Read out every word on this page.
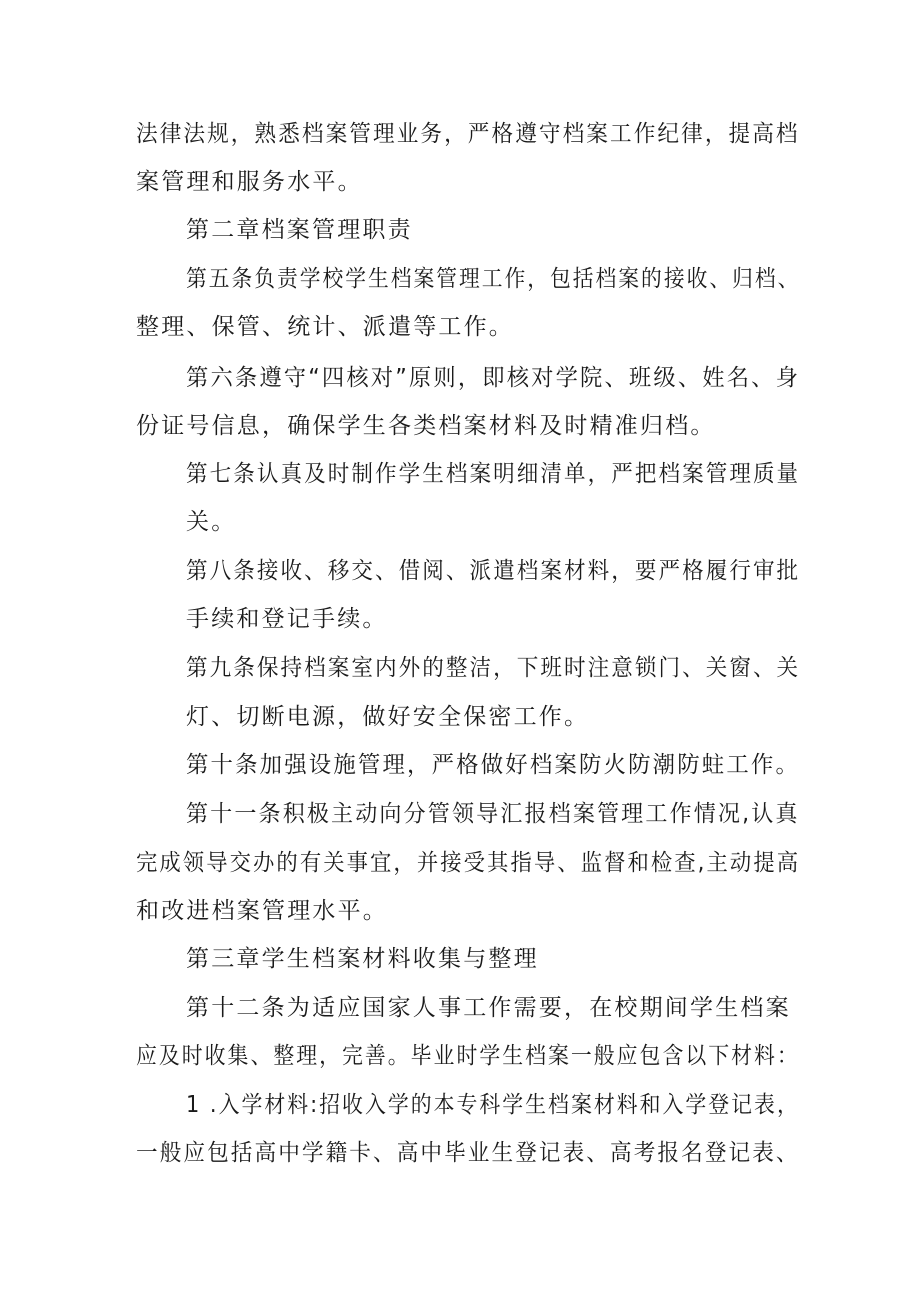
法律法规，熟悉档案管理业务，严格遵守档案工作纪律，提高档
案管理和服务水平。
第二章档案管理职责
第五条负责学校学生档案管理工作，包括档案的接收、归档、
整理、保管、统计、派遣等工作。
第六条遵守“四核对”原则，即核对学院、班级、姓名、身
份证号信息，确保学生各类档案材料及时精准归档。
第七条认真及时制作学生档案明细清单，严把档案管理质量
关。
第八条接收、移交、借阅、派遣档案材料，要严格履行审批
手续和登记手续。
第九条保持档案室内外的整洁，下班时注意锁门、关窗、关
灯、切断电源，做好安全保密工作。
第十条加强设施管理，严格做好档案防火防潮防蛀工作。
第十一条积极主动向分管领导汇报档案管理工作情况,认真
完成领导交办的有关事宜，并接受其指导、监督和检查,主动提高
和改进档案管理水平。
第三章学生档案材料收集与整理
第十二条为适应国家人事工作需要，在校期间学生档案
应及时收集、整理，完善。毕业时学生档案一般应包含以下材料：
1 .入学材料:招收入学的本专科学生档案材料和入学登记表，
一般应包括高中学籍卡、高中毕业生登记表、高考报名登记表、
